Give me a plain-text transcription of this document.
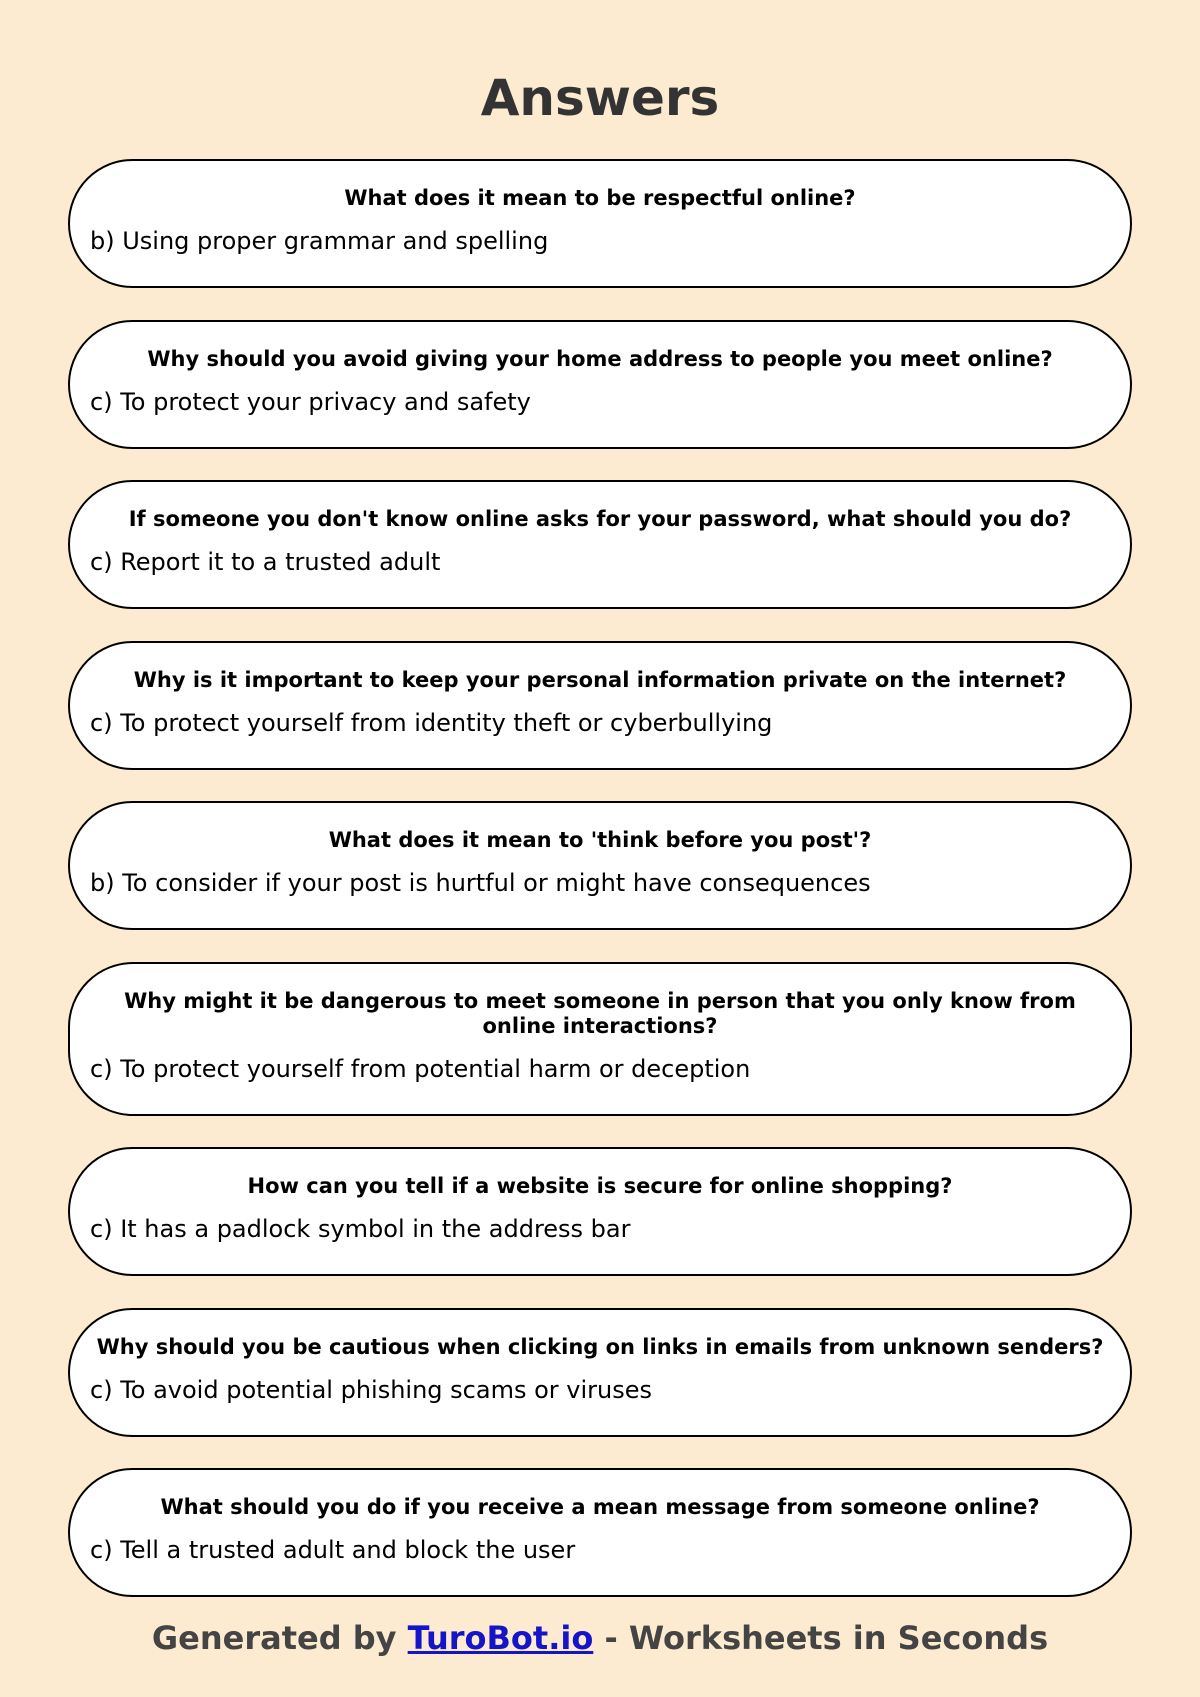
Answers

What does it mean to be respectful online?

b) Using proper grammar and spelling

Why should you avoid giving your home address to people you meet online?

c) To protect your privacy and safety

If someone you don't know online asks for your password, what should you do?

c) Report it to a trusted adult

Why is it important to keep your personal information private on the internet?

c) To protect yourself from identity theft or cyberbullying

What does it mean to 'think before you post'?

b) To consider if your post is hurtful or might have consequences

Why might it be dangerous to meet someone in person that you only know from online interactions?

c) To protect yourself from potential harm or deception

How can you tell if a website is secure for online shopping?

c) It has a padlock symbol in the address bar

Why should you be cautious when clicking on links in emails from unknown senders?

c) To avoid potential phishing scams or viruses

What should you do if you receive a mean message from someone online?

c) Tell a trusted adult and block the user

Generated by TuroBot.io - Worksheets in Seconds
